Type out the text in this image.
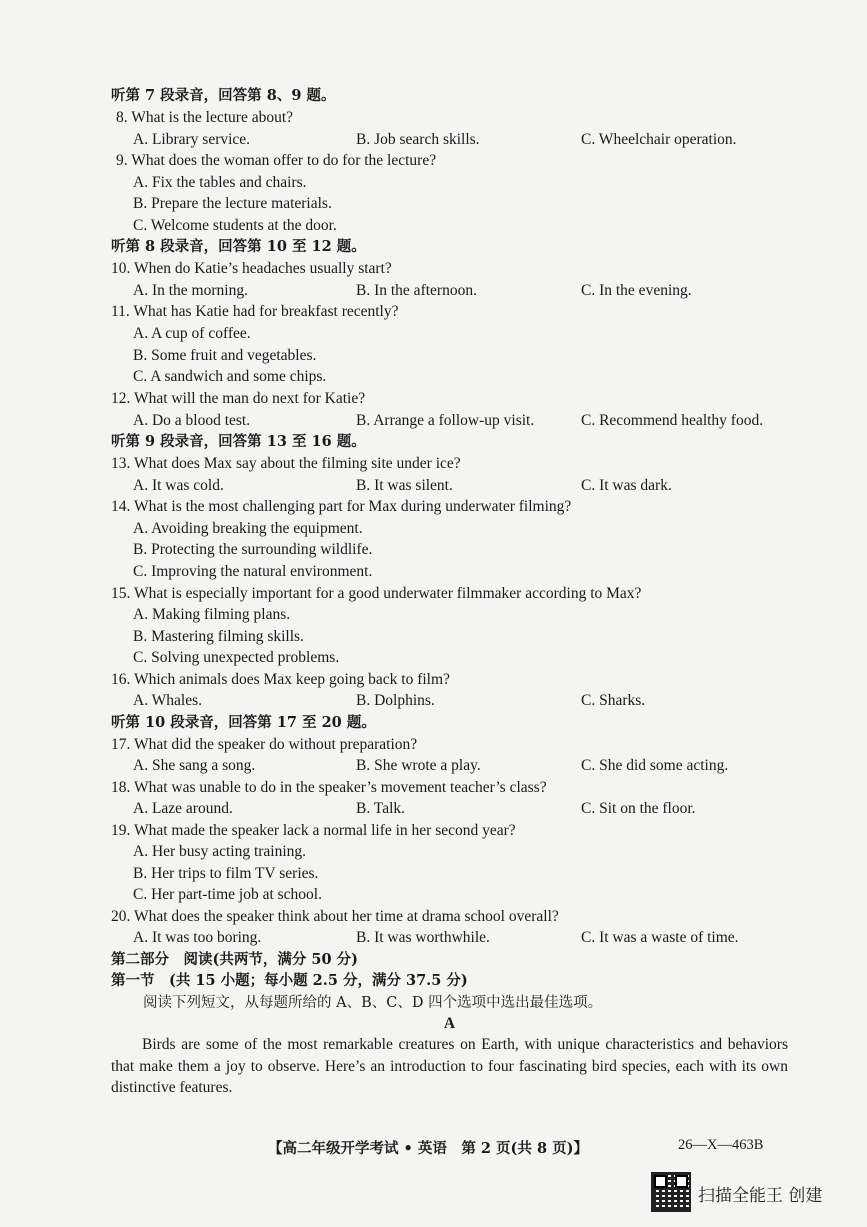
听第 7 段录音，回答第 8、9 题。
8. What is the lecture about?
A. Library service.	B. Job search skills.	C. Wheelchair operation.
9. What does the woman offer to do for the lecture?
A. Fix the tables and chairs.
B. Prepare the lecture materials.
C. Welcome students at the door.
听第 8 段录音，回答第 10 至 12 题。
10. When do Katie’s headaches usually start?
A. In the morning.	B. In the afternoon.	C. In the evening.
11. What has Katie had for breakfast recently?
A. A cup of coffee.
B. Some fruit and vegetables.
C. A sandwich and some chips.
12. What will the man do next for Katie?
A. Do a blood test.	B. Arrange a follow-up visit.	C. Recommend healthy food.
听第 9 段录音，回答第 13 至 16 题。
13. What does Max say about the filming site under ice?
A. It was cold.	B. It was silent.	C. It was dark.
14. What is the most challenging part for Max during underwater filming?
A. Avoiding breaking the equipment.
B. Protecting the surrounding wildlife.
C. Improving the natural environment.
15. What is especially important for a good underwater filmmaker according to Max?
A. Making filming plans.
B. Mastering filming skills.
C. Solving unexpected problems.
16. Which animals does Max keep going back to film?
A. Whales.	B. Dolphins.	C. Sharks.
听第 10 段录音，回答第 17 至 20 题。
17. What did the speaker do without preparation?
A. She sang a song.	B. She wrote a play.	C. She did some acting.
18. What was unable to do in the speaker’s movement teacher’s class?
A. Laze around.	B. Talk.	C. Sit on the floor.
19. What made the speaker lack a normal life in her second year?
A. Her busy acting training.
B. Her trips to film TV series.
C. Her part-time job at school.
20. What does the speaker think about her time at drama school overall?
A. It was too boring.	B. It was worthwhile.	C. It was a waste of time.
第二部分　阅读(共两节，满分 50 分)
第一节　(共 15 小题；每小题 2.5 分，满分 37.5 分)
阅读下列短文，从每题所给的 A、B、C、D 四个选项中选出最佳选项。
A
Birds are some of the most remarkable creatures on Earth, with unique characteristics and behaviors that make them a joy to observe. Here’s an introduction to four fascinating bird species, each with its own distinctive features.
【高二年级开学考试 • 英语　第 2 页(共 8 页)】	26—X—463B
扫描全能王 创建
